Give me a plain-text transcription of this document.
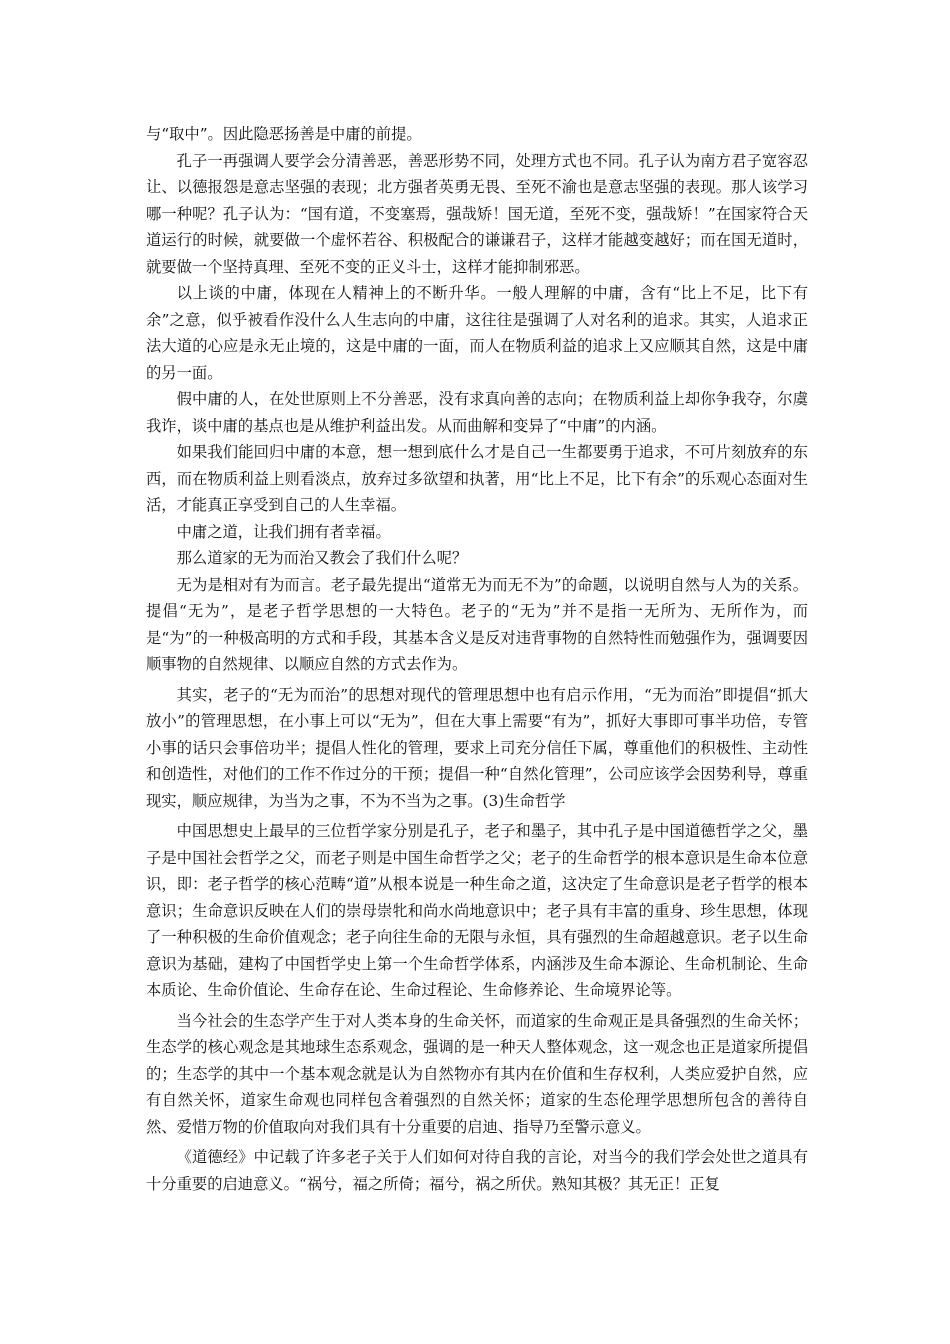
与“取中”。因此隐恶扬善是中庸的前提。

孔子一再强调人要学会分清善恶，善恶形势不同，处理方式也不同。孔子认为南方君子宽容忍让、以德报怨是意志坚强的表现；北方强者英勇无畏、至死不渝也是意志坚强的表现。那人该学习哪一种呢？孔子认为：“国有道，不变塞焉，强哉矫！国无道，至死不变，强哉矫！”在国家符合天道运行的时候，就要做一个虚怀若谷、积极配合的谦谦君子，这样才能越变越好；而在国无道时，就要做一个坚持真理、至死不变的正义斗士，这样才能抑制邪恶。

以上谈的中庸，体现在人精神上的不断升华。一般人理解的中庸，含有“比上不足，比下有余”之意，似乎被看作没什么人生志向的中庸，这往往是强调了人对名利的追求。其实，人追求正法大道的心应是永无止境的，这是中庸的一面，而人在物质利益的追求上又应顺其自然，这是中庸的另一面。

假中庸的人，在处世原则上不分善恶，没有求真向善的志向；在物质利益上却你争我夺，尔虞我诈，谈中庸的基点也是从维护利益出发。从而曲解和变异了“中庸”的内涵。

如果我们能回归中庸的本意，想一想到底什么才是自己一生都要勇于追求，不可片刻放弃的东西，而在物质利益上则看淡点，放弃过多欲望和执著，用“比上不足，比下有余”的乐观心态面对生活，才能真正享受到自己的人生幸福。

中庸之道，让我们拥有者幸福。

那么道家的无为而治又教会了我们什么呢？

无为是相对有为而言。老子最先提出“道常无为而无不为”的命题，以说明自然与人为的关系。提倡“无为”，是老子哲学思想的一大特色。老子的“无为”并不是指一无所为、无所作为，而是“为”的一种极高明的方式和手段，其基本含义是反对违背事物的自然特性而勉强作为，强调要因顺事物的自然规律、以顺应自然的方式去作为。

其实，老子的“无为而治”的思想对现代的管理思想中也有启示作用，“无为而治”即提倡“抓大放小”的管理思想，在小事上可以“无为”，但在大事上需要“有为”，抓好大事即可事半功倍，专管小事的话只会事倍功半；提倡人性化的管理，要求上司充分信任下属，尊重他们的积极性、主动性和创造性，对他们的工作不作过分的干预；提倡一种“自然化管理”，公司应该学会因势利导，尊重现实，顺应规律，为当为之事，不为不当为之事。(3)生命哲学

中国思想史上最早的三位哲学家分别是孔子，老子和墨子，其中孔子是中国道德哲学之父，墨子是中国社会哲学之父，而老子则是中国生命哲学之父；老子的生命哲学的根本意识是生命本位意识，即：老子哲学的核心范畴“道”从根本说是一种生命之道，这决定了生命意识是老子哲学的根本意识；生命意识反映在人们的崇母崇牝和尚水尚地意识中；老子具有丰富的重身、珍生思想，体现了一种积极的生命价值观念；老子向往生命的无限与永恒，具有强烈的生命超越意识。老子以生命意识为基础，建构了中国哲学史上第一个生命哲学体系，内涵涉及生命本源论、生命机制论、生命本质论、生命价值论、生命存在论、生命过程论、生命修养论、生命境界论等。

当今社会的生态学产生于对人类本身的生命关怀，而道家的生命观正是具备强烈的生命关怀；生态学的核心观念是其地球生态系观念，强调的是一种天人整体观念，这一观念也正是道家所提倡的；生态学的其中一个基本观念就是认为自然物亦有其内在价值和生存权利，人类应爱护自然，应有自然关怀，道家生命观也同样包含着强烈的自然关怀；道家的生态伦理学思想所包含的善待自然、爱惜万物的价值取向对我们具有十分重要的启迪、指导乃至警示意义。

《道德经》中记载了许多老子关于人们如何对待自我的言论，对当今的我们学会处世之道具有十分重要的启迪意义。“祸兮，福之所倚；福兮，祸之所伏。熟知其极？其无正！正复
